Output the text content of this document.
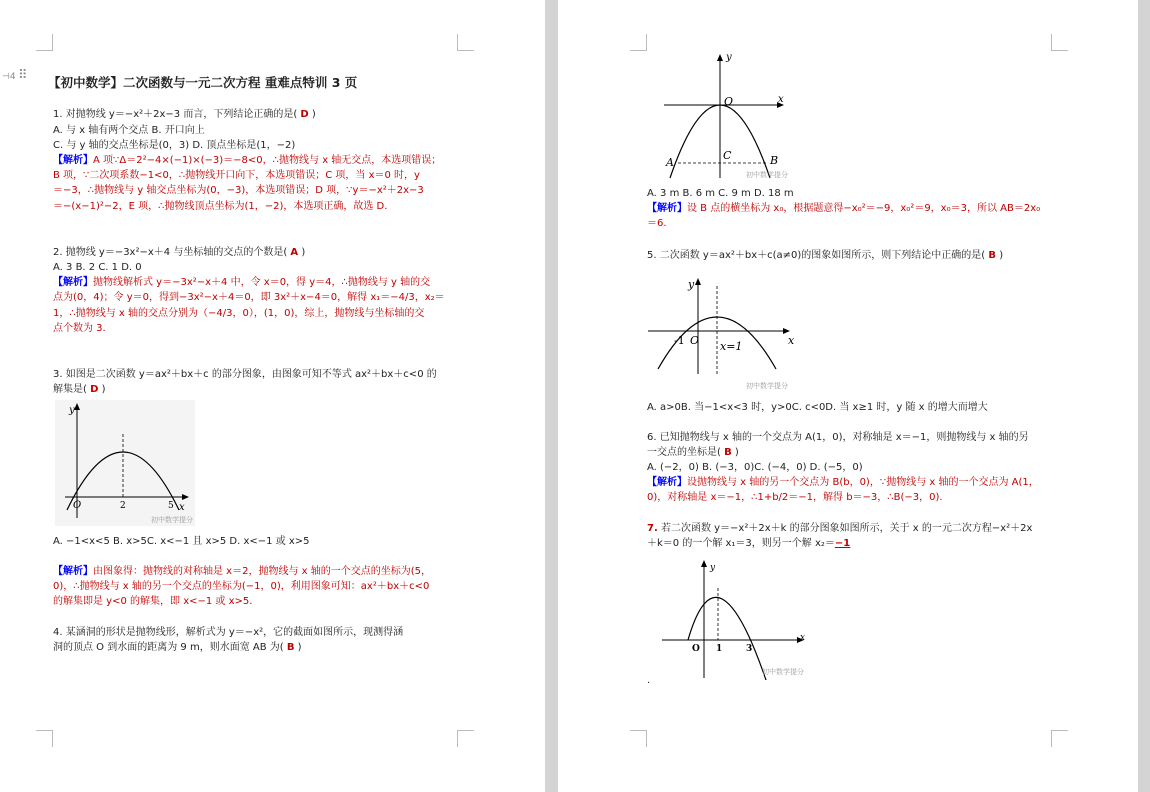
⊣4 ⠿ 【初中数学】二次函数与一元二次方程 重难点特训 3 页
1. 对抛物线 y＝−x²＋2x−3 而言，下列结论正确的是( D )
A. 与 x 轴有两个交点 B. 开口向上
C. 与 y 轴的交点坐标是(0，3) D. 顶点坐标是(1，−2)
【解析】A 项∵Δ＝2²−4×(−1)×(−3)＝−8<0，∴抛物线与 x 轴无交点，本选项错误；
B 项，∵二次项系数−1<0，∴抛物线开口向下，本选项错误；C 项，当 x＝0 时，y
＝−3，∴抛物线与 y 轴交点坐标为(0，−3)，本选项错误；D 项，∵y＝−x²＋2x−3
＝−(x−1)²−2，E 项，∴抛物线顶点坐标为(1，−2)，本选项正确，故选 D.
2. 抛物线 y＝−3x²−x＋4 与坐标轴的交点的个数是( A )
A. 3 B. 2 C. 1 D. 0
【解析】抛物线解析式 y＝−3x²−x＋4 中，令 x＝0，得 y＝4，∴抛物线与 y 轴的交
点为(0，4)；令 y＝0，得到−3x²−x＋4＝0，即 3x²＋x−4＝0，解得 x₁＝−4/3，x₂＝
1，∴抛物线与 x 轴的交点分别为（−4/3，0），(1，0)，综上，抛物线与坐标轴的交
点个数为 3.
3. 如图是二次函数 y＝ax²＋bx＋c 的部分图象，由图象可知不等式 ax²＋bx＋c<0 的
解集是( D )
y
x
O	2	5
初中数学提分
A. −1<x<5 B. x>5C. x<−1 且 x>5 D. x<−1 或 x>5
【解析】由图象得：抛物线的对称轴是 x＝2，抛物线与 x 轴的一个交点的坐标为(5，
0)，∴抛物线与 x 轴的另一个交点的坐标为(−1，0)，利用图象可知：ax²＋bx＋c<0
的解集即是 y<0 的解集，即 x<−1 或 x>5.
4. 某涵洞的形状是抛物线形，解析式为 y＝−x²，它的截面如图所示，现测得涵
洞的顶点 O 到水面的距离为 9 m，则水面宽 AB 为( B )
y
x
O
A	B
C
初中数学提分
A. 3 m B. 6 m C. 9 m D. 18 m
【解析】设 B 点的横坐标为 x₀，根据题意得−x₀²＝−9，x₀²＝9，x₀＝3，所以 AB＝2x₀
＝6.
5. 二次函数 y＝ax²＋bx＋c(a≠0)的图象如图所示，则下列结论中正确的是( B )
y
x
O
-1	x=1
初中数学提分
A. a>0B. 当−1<x<3 时，y>0C. c<0D. 当 x≥1 时，y 随 x 的增大而增大
6. 已知抛物线与 x 轴的一个交点为 A(1，0)，对称轴是 x＝−1，则抛物线与 x 轴的另
一交点的坐标是( B )
A. (−2，0) B. (−3，0)C. (−4，0) D. (−5，0)
【解析】设抛物线与 x 轴的另一个交点为 B(b，0)，∵抛物线与 x 轴的一个交点为 A(1，
0)，对称轴是 x＝−1，∴1+b/2＝−1，解得 b＝−3，∴B(−3，0).
7. 若二次函数 y＝−x²＋2x＋k 的部分图象如图所示，关于 x 的一元二次方程−x²＋2x
＋k＝0 的一个解 x₁＝3，则另一个解 x₂＝−1
y
x
O 1	3
初中数学提分
.
